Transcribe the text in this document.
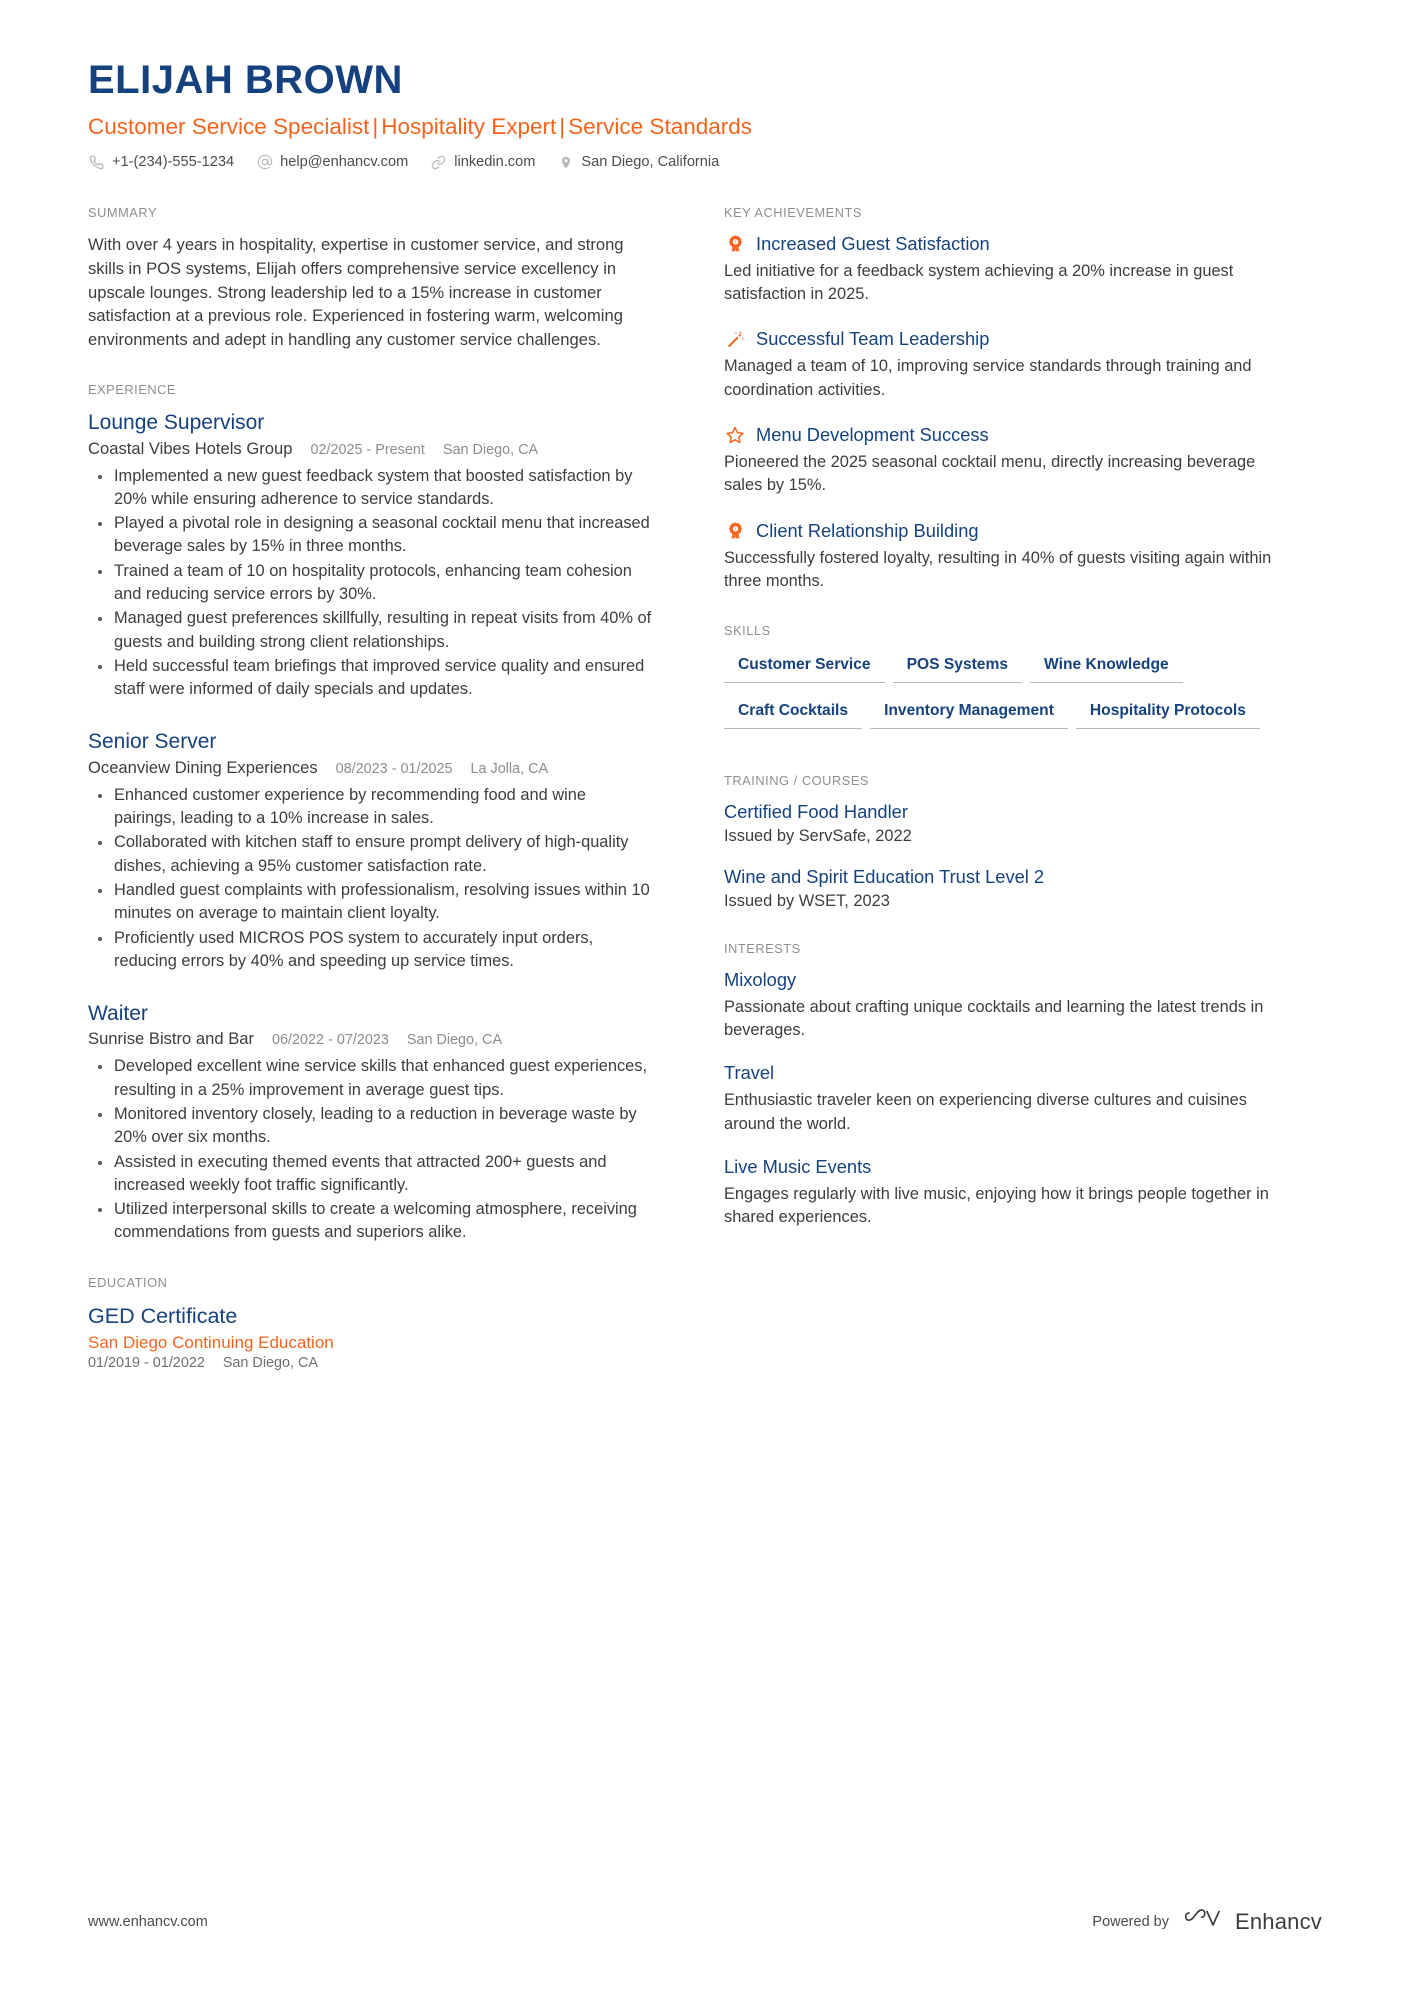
ELIJAH BROWN
Customer Service Specialist | Hospitality Expert | Service Standards
+1-(234)-555-1234	help@enhancv.com	linkedin.com	San Diego, California
SUMMARY
With over 4 years in hospitality, expertise in customer service, and strong skills in POS systems, Elijah offers comprehensive service excellency in upscale lounges. Strong leadership led to a 15% increase in customer satisfaction at a previous role. Experienced in fostering warm, welcoming environments and adept in handling any customer service challenges.
EXPERIENCE
Lounge Supervisor
Coastal Vibes Hotels Group 02/2025 - Present San Diego, CA
Implemented a new guest feedback system that boosted satisfaction by 20% while ensuring adherence to service standards.
Played a pivotal role in designing a seasonal cocktail menu that increased beverage sales by 15% in three months.
Trained a team of 10 on hospitality protocols, enhancing team cohesion and reducing service errors by 30%.
Managed guest preferences skillfully, resulting in repeat visits from 40% of guests and building strong client relationships.
Held successful team briefings that improved service quality and ensured staff were informed of daily specials and updates.
Senior Server
Oceanview Dining Experiences 08/2023 - 01/2025 La Jolla, CA
Enhanced customer experience by recommending food and wine pairings, leading to a 10% increase in sales.
Collaborated with kitchen staff to ensure prompt delivery of high-quality dishes, achieving a 95% customer satisfaction rate.
Handled guest complaints with professionalism, resolving issues within 10 minutes on average to maintain client loyalty.
Proficiently used MICROS POS system to accurately input orders, reducing errors by 40% and speeding up service times.
Waiter
Sunrise Bistro and Bar 06/2022 - 07/2023 San Diego, CA
Developed excellent wine service skills that enhanced guest experiences, resulting in a 25% improvement in average guest tips.
Monitored inventory closely, leading to a reduction in beverage waste by 20% over six months.
Assisted in executing themed events that attracted 200+ guests and increased weekly foot traffic significantly.
Utilized interpersonal skills to create a welcoming atmosphere, receiving commendations from guests and superiors alike.
EDUCATION
GED Certificate
San Diego Continuing Education
01/2019 - 01/2022 San Diego, CA
KEY ACHIEVEMENTS
1 Increased Guest Satisfaction
Led initiative for a feedback system achieving a 20% increase in guest satisfaction in 2025.
Successful Team Leadership
Managed a team of 10, improving service standards through training and coordination activities.
Menu Development Success
Pioneered the 2025 seasonal cocktail menu, directly increasing beverage sales by 15%.
1 Client Relationship Building
Successfully fostered loyalty, resulting in 40% of guests visiting again within three months.
SKILLS
Customer Service	POS Systems	Wine Knowledge
Craft Cocktails	Inventory Management	Hospitality Protocols
TRAINING / COURSES
Certified Food Handler
Issued by ServSafe, 2022
Wine and Spirit Education Trust Level 2
Issued by WSET, 2023
INTERESTS
Mixology
Passionate about crafting unique cocktails and learning the latest trends in beverages.
Travel
Enthusiastic traveler keen on experiencing diverse cultures and cuisines around the world.
Live Music Events
Engages regularly with live music, enjoying how it brings people together in shared experiences.
www.enhancv.com	Powered by	Enhancv
